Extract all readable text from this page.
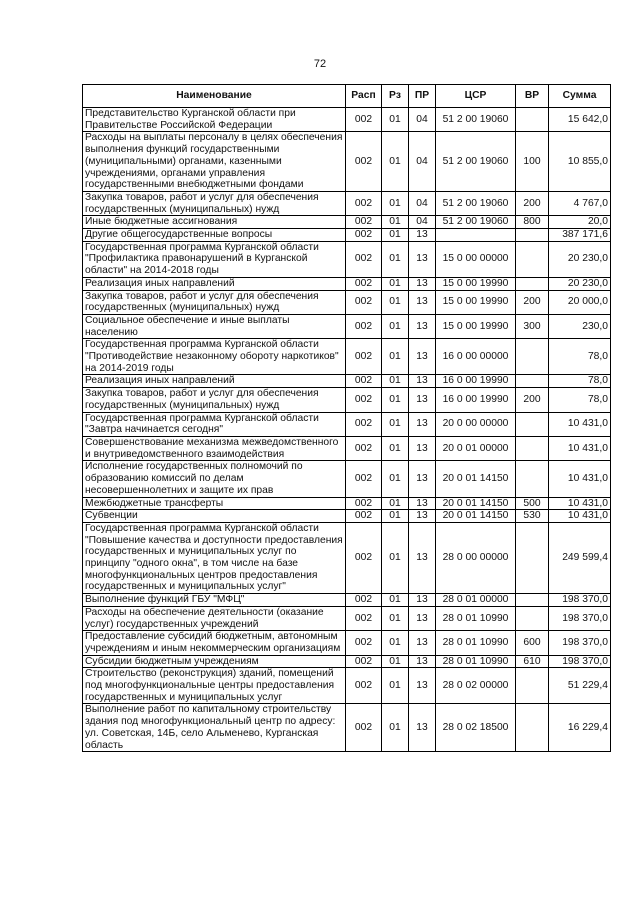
72
Наименование	Расп	Рз	ПР	ЦСР	ВР	Сумма
Представительство Курганской области при Правительстве Российской Федерации	002	01	04	51 2 00 19060		15 642,0
Расходы на выплаты персоналу в целях обеспечения выполнения функций государственными (муниципальными) органами, казенными учреждениями, органами управления государственными внебюджетными фондами	002	01	04	51 2 00 19060	100	10 855,0
Закупка товаров, работ и услуг для обеспечения государственных (муниципальных) нужд	002	01	04	51 2 00 19060	200	4 767,0
Иные бюджетные ассигнования	002	01	04	51 2 00 19060	800	20,0
Другие общегосударственные вопросы	002	01	13			387 171,6
Государственная программа Курганской области "Профилактика правонарушений в Курганской области" на 2014-2018 годы	002	01	13	15 0 00 00000		20 230,0
Реализация иных направлений	002	01	13	15 0 00 19990		20 230,0
Закупка товаров, работ и услуг для обеспечения государственных (муниципальных) нужд	002	01	13	15 0 00 19990	200	20 000,0
Социальное обеспечение и иные выплаты населению	002	01	13	15 0 00 19990	300	230,0
Государственная программа Курганской области "Противодействие незаконному обороту наркотиков" на 2014-2019 годы	002	01	13	16 0 00 00000		78,0
Реализация иных направлений	002	01	13	16 0 00 19990		78,0
Закупка товаров, работ и услуг для обеспечения государственных (муниципальных) нужд	002	01	13	16 0 00 19990	200	78,0
Государственная программа Курганской области "Завтра начинается сегодня"	002	01	13	20 0 00 00000		10 431,0
Совершенствование механизма межведомственного и внутриведомственного взаимодействия	002	01	13	20 0 01 00000		10 431,0
Исполнение государственных полномочий по образованию комиссий по делам несовершеннолетних и защите их прав	002	01	13	20 0 01 14150		10 431,0
Межбюджетные трансферты	002	01	13	20 0 01 14150	500	10 431,0
Субвенции	002	01	13	20 0 01 14150	530	10 431,0
Государственная программа Курганской области "Повышение качества и доступности предоставления государственных и муниципальных услуг по принципу "одного окна", в том числе на базе многофункциональных центров предоставления государственных и муниципальных услуг"	002	01	13	28 0 00 00000		249 599,4
Выполнение функций ГБУ "МФЦ"	002	01	13	28 0 01 00000		198 370,0
Расходы на обеспечение деятельности (оказание услуг) государственных учреждений	002	01	13	28 0 01 10990		198 370,0
Предоставление субсидий бюджетным, автономным учреждениям и иным некоммерческим организациям	002	01	13	28 0 01 10990	600	198 370,0
Субсидии бюджетным учреждениям	002	01	13	28 0 01 10990	610	198 370,0
Строительство (реконструкция) зданий, помещений под многофункциональные центры предоставления государственных и муниципальных услуг	002	01	13	28 0 02 00000		51 229,4
Выполнение работ по капитальному строительству здания под многофункциональный центр по адресу: ул. Советская, 14Б, село Альменево, Курганская область	002	01	13	28 0 02 18500		16 229,4
